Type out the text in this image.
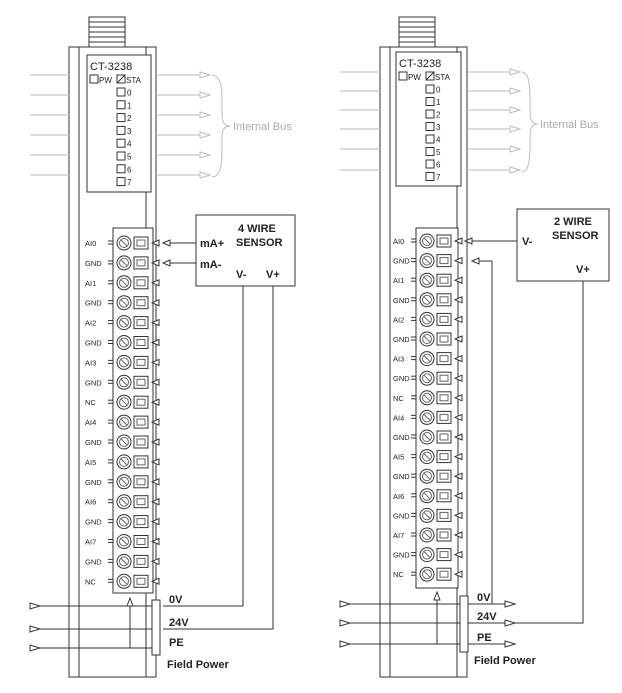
CT-3238
PW STA
0
1
2
3
4
5
6
7
Internal Bus
AI0
GND
AI1
GND
AI2
GND
AI3
GND
NC
AI4
GND
AI5
GND
AI6
GND
AI7
GND
NC
4 WIRE
SENSOR
mA+
mA-
V- V+
0V
24V
PE
Field Power
CT-3238
PW STA
0
1
2
3
4
5
6
7
Internal Bus
AI0
GND
AI1
GND
AI2
GND
AI3
GND
NC
AI4
GND
AI5
GND
AI6
GND
AI7
GND
NC
2 WIRE
SENSOR
V-
V+
0V
24V
PE
Field Power
